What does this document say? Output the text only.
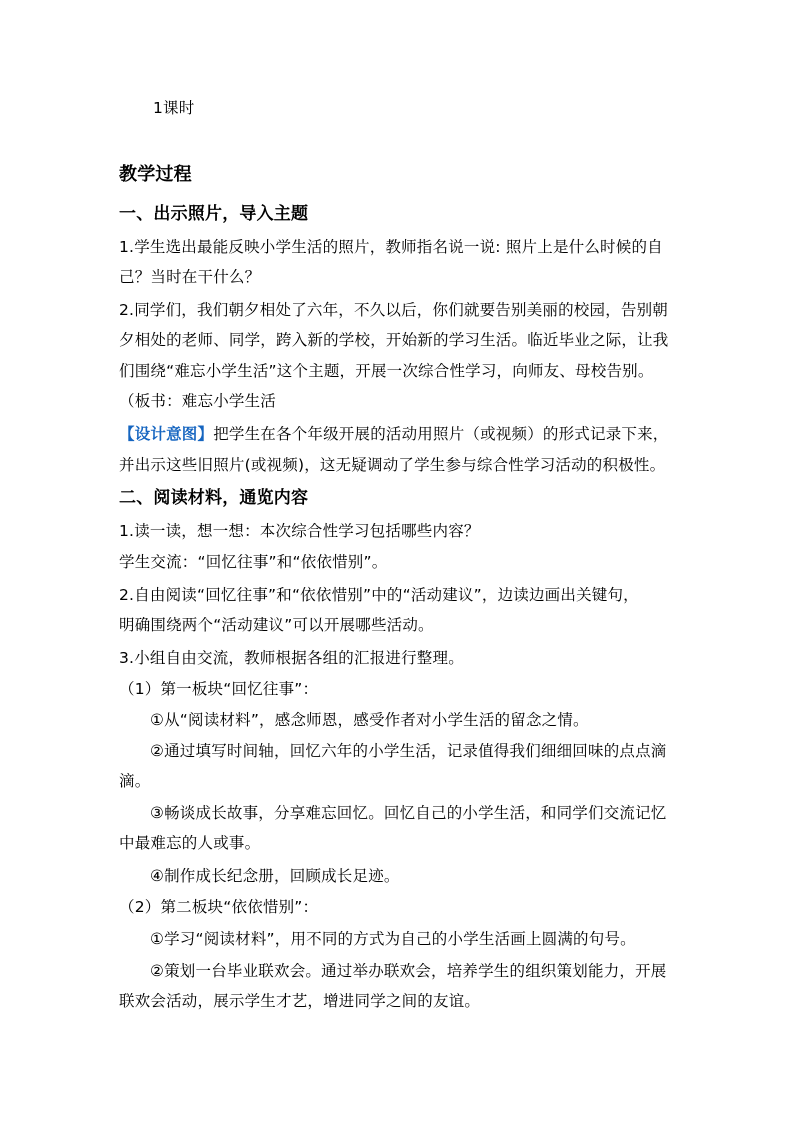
1课时
教学过程
一、出示照片，导入主题
1.学生选出最能反映小学生活的照片，教师指名说一说: 照片上是什么时候的自
己？当时在干什么？
2.同学们，我们朝夕相处了六年，不久以后，你们就要告别美丽的校园，告别朝
夕相处的老师、同学，跨入新的学校，开始新的学习生活。临近毕业之际，让我
们围绕“难忘小学生活”这个主题，开展一次综合性学习，向师友、母校告别。
（板书：难忘小学生活
【设计意图】把学生在各个年级开展的活动用照片（或视频）的形式记录下来，
并出示这些旧照片(或视频)，这无疑调动了学生参与综合性学习活动的积极性。
二、阅读材料，通览内容
1.读一读，想一想：本次综合性学习包括哪些内容？
学生交流：“回忆往事”和“依依惜别”。
2.自由阅读“回忆往事”和“依依惜别”中的“活动建议”，边读边画出关键句，
明确围绕两个“活动建议”可以开展哪些活动。
3.小组自由交流，教师根据各组的汇报进行整理。
（1）第一板块“回忆往事”：
①从“阅读材料”，感念师恩，感受作者对小学生活的留念之情。
②通过填写时间轴，回忆六年的小学生活，记录值得我们细细回味的点点滴
滴。
③畅谈成长故事，分享难忘回忆。回忆自己的小学生活，和同学们交流记忆
中最难忘的人或事。
④制作成长纪念册，回顾成长足迹。
（2）第二板块“依依惜别”：
①学习“阅读材料”，用不同的方式为自己的小学生活画上圆满的句号。
②策划一台毕业联欢会。通过举办联欢会，培养学生的组织策划能力，开展
联欢会活动，展示学生才艺，增进同学之间的友谊。
